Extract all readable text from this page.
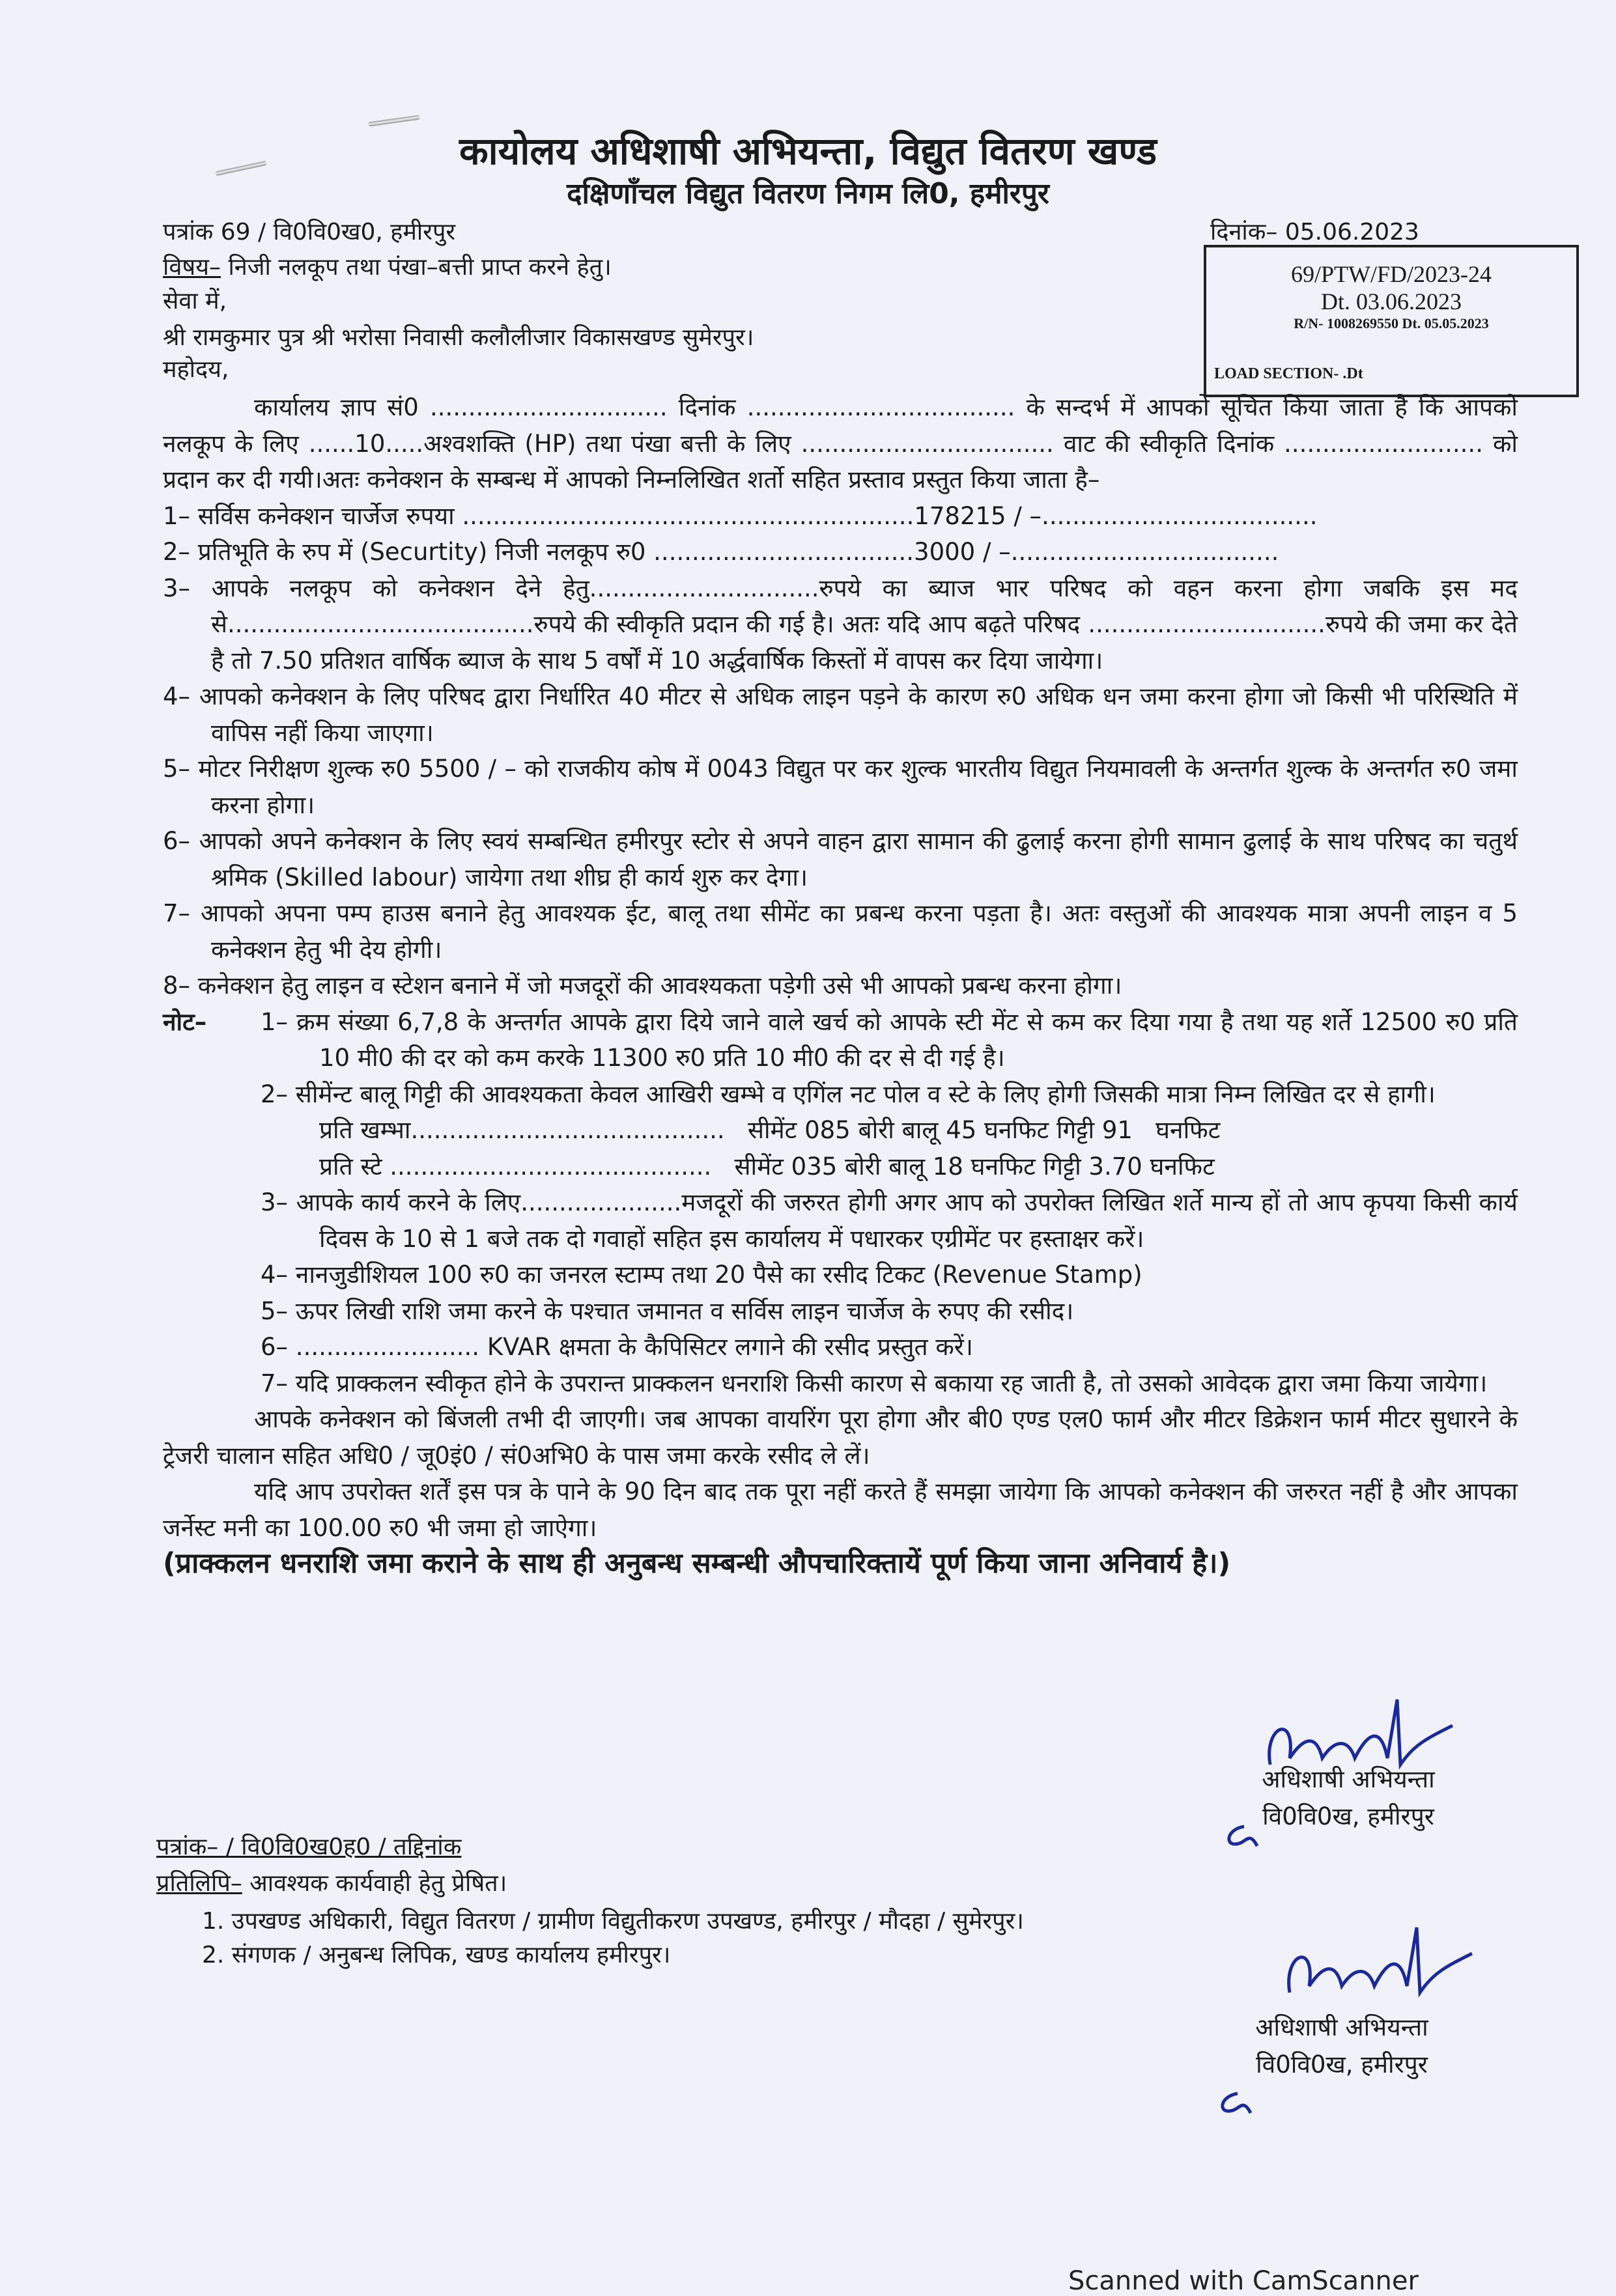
कायोलय अधिशाषी अभियन्ता, विद्युत वितरण खण्ड
दक्षिणाँचल विद्युत वितरण निगम लि0, हमीरपुर
पत्रांक 69 / वि0वि0ख0, हमीरपुर	दिनांक– 05.06.2023
69/PTW/FD/2023-24
Dt. 03.06.2023
R/N- 1008269550 Dt. 05.05.2023
LOAD SECTION- .Dt
विषय– निजी नलकूप तथा पंखा–बत्ती प्राप्त करने हेतु।
सेवा में,
श्री रामकुमार पुत्र श्री भरोसा निवासी कलौलीजार विकासखण्ड सुमेरपुर।
महोदय,

कार्यालय ज्ञाप सं0 ............................... दिनांक ................................... के सन्दर्भ में आपको सूचित किया जाता है कि आपको नलकूप के लिए ......10.....अश्वशक्ति (HP) तथा पंखा बत्ती के लिए ................................. वाट की स्वीकृति दिनांक .......................... को प्रदान कर दी गयी।अतः कनेक्शन के सम्बन्ध में आपको निम्नलिखित शर्तो सहित प्रस्ताव प्रस्तुत किया जाता है–

1– सर्विस कनेक्शन चार्जेज रुपया ...........................................................178215 / –....................................

2– प्रतिभूति के रुप में (Securtity) निजी नलकूप रु0 ..................................3000 / –...................................

3– आपके नलकूप को कनेक्शन देने हेतु..............................रुपये का ब्याज भार परिषद को वहन करना होगा जबकि इस मद से........................................रुपये की स्वीकृति प्रदान की गई है। अतः यदि आप बढ़ते परिषद ...............................रुपये की जमा कर देते है तो 7.50 प्रतिशत वार्षिक ब्याज के साथ 5 वर्षों में 10 अर्द्धवार्षिक किस्तों में वापस कर दिया जायेगा।

4– आपको कनेक्शन के लिए परिषद द्वारा निर्धारित 40 मीटर से अधिक लाइन पड़ने के कारण रु0 अधिक धन जमा करना होगा जो किसी भी परिस्थिति में वापिस नहीं किया जाएगा।

5– मोटर निरीक्षण शुल्क रु0 5500 / – को राजकीय कोष में 0043 विद्युत पर कर शुल्क भारतीय विद्युत नियमावली के अन्तर्गत शुल्क के अन्तर्गत रु0 जमा करना होगा।

6– आपको अपने कनेक्शन के लिए स्वयं सम्बन्धित हमीरपुर स्टोर से अपने वाहन द्वारा सामान की ढुलाई करना होगी सामान ढुलाई के साथ परिषद का चतुर्थ श्रमिक (Skilled labour) जायेगा तथा शीघ्र ही कार्य शुरु कर देगा।

7– आपको अपना पम्प हाउस बनाने हेतु आवश्यक ईट, बालू तथा सीमेंट का प्रबन्ध करना पड़ता है। अतः वस्तुओं की आवश्यक मात्रा अपनी लाइन व 5 कनेक्शन हेतु भी देय होगी।

8– कनेक्शन हेतु लाइन व स्टेशन बनाने में जो मजदूरों की आवश्यकता पड़ेगी उसे भी आपको प्रबन्ध करना होगा।

नोट–	1– क्रम संख्या 6,7,8 के अन्तर्गत आपके द्वारा दिये जाने वाले खर्च को आपके स्टी मेंट से कम कर दिया गया है तथा यह शर्ते 12500 रु0 प्रति 10 मी0 की दर को कम करके 11300 रु0 प्रति 10 मी0 की दर से दी गई है।

2– सीमेंन्ट बालू गिट्टी की आवश्यकता केवल आखिरी खम्भे व एगिंल नट पोल व स्टे के लिए होगी जिसकी मात्रा निम्न लिखित दर से हागी।

प्रति खम्भा.........................................   सीमेंट 085 बोरी बालू 45 घनफिट गिट्टी 91   घनफिट

प्रति स्टे ..........................................   सीमेंट 035 बोरी बालू 18 घनफिट गिट्टी 3.70 घनफिट

3– आपके कार्य करने के लिए.....................मजदूरों की जरुरत होगी अगर आप को उपरोक्त लिखित शर्ते मान्य हों तो आप कृपया किसी कार्य दिवस के 10 से 1 बजे तक दो गवाहों सहित इस कार्यालय में पधारकर एग्रीमेंट पर हस्ताक्षर करें।

4– नानजुडीशियल 100 रु0 का जनरल स्टाम्प तथा 20 पैसे का रसीद टिकट (Revenue Stamp)

5– ऊपर लिखी राशि जमा करने के पश्चात जमानत व सर्विस लाइन चार्जेज के रुपए की रसीद।

6– ........................ KVAR क्षमता के कैपिसिटर लगाने की रसीद प्रस्तुत करें।

7– यदि प्राक्कलन स्वीकृत होने के उपरान्त प्राक्कलन धनराशि किसी कारण से बकाया रह जाती है, तो उसको आवेदक द्वारा जमा किया जायेगा।

आपके कनेक्शन को बिंजली तभी दी जाएगी। जब आपका वायरिंग पूरा होगा और बी0 एण्ड एल0 फार्म और मीटर डिक्रेशन फार्म मीटर सुधारने के ट्रेजरी चालान सहित अधि0 / जू0इं0 / सं0अभि0 के पास जमा करके रसीद ले लें।

यदि आप उपरोक्त शर्तें इस पत्र के पाने के 90 दिन बाद तक पूरा नहीं करते हैं समझा जायेगा कि आपको कनेक्शन की जरुरत नहीं है और आपका जर्नेस्ट मनी का 100.00 रु0 भी जमा हो जाऐगा।

(प्राक्कलन धनराशि जमा कराने के साथ ही अनुबन्ध सम्बन्धी औपचारिक्तायें पूर्ण किया जाना अनिवार्य है।)

अधिशाषी अभियन्ता
वि0वि0ख, हमीरपुर
पत्रांक– / वि0वि0ख0ह0 / तद्दिनांक
प्रतिलिपि– आवश्यक कार्यवाही हेतु प्रेषित।
1. उपखण्ड अधिकारी, विद्युत वितरण / ग्रामीण विद्युतीकरण उपखण्ड, हमीरपुर / मौदहा / सुमेरपुर।
2. संगणक / अनुबन्ध लिपिक, खण्ड कार्यालय हमीरपुर।
अधिशाषी अभियन्ता
वि0वि0ख, हमीरपुर
Scanned with CamScanner
